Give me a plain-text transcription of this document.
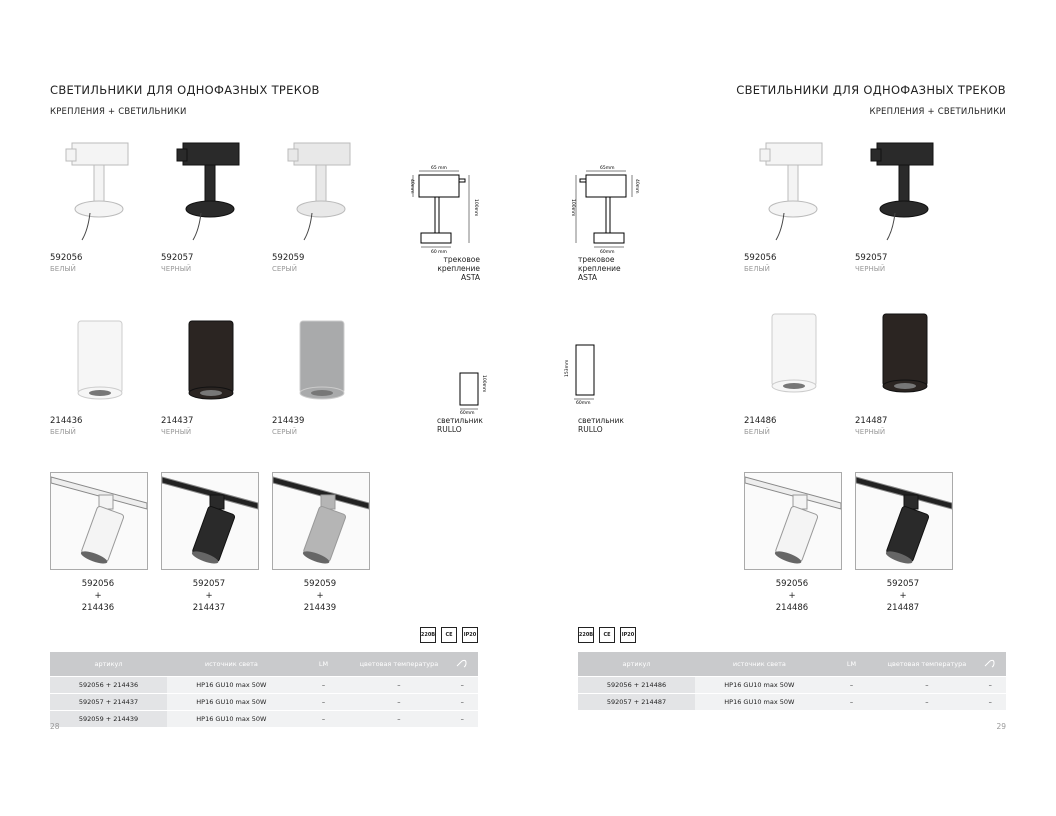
СВЕТИЛЬНИКИ ДЛЯ ОДНОФАЗНЫХ ТРЕКОВ
КРЕПЛЕНИЯ + СВЕТИЛЬНИКИ
592056
БЕЛЫЙ
592057
ЧЕРНЫЙ
592059
СЕРЫЙ
214436
БЕЛЫЙ
214437
ЧЕРНЫЙ
214439
СЕРЫЙ
592056
+
214436
592057
+
214437
592059
+
214439
65 mm
60 mm
40mm
100mm
трековое крепление
ASTA
60mm
100mm
светильник
RULLO
220В	CE	IP20
артикул	источник света	LM	цветовая температура	
592056 + 214436	HP16 GU10 max 50W	–	–	–
592057 + 214437	HP16 GU10 max 50W	–	–	–
592059 + 214439	HP16 GU10 max 50W	–	–	–
28
СВЕТИЛЬНИКИ ДЛЯ ОДНОФАЗНЫХ ТРЕКОВ
КРЕПЛЕНИЯ + СВЕТИЛЬНИКИ
592056
БЕЛЫЙ
592057
ЧЕРНЫЙ
214486
БЕЛЫЙ
214487
ЧЕРНЫЙ
592056
+
214486
592057
+
214487
65mm
60mm
40mm
100mm
трековое крепление
ASTA
60mm
153mm
светильник
RULLO
220В	CE	IP20
артикул	источник света	LM	цветовая температура	
592056 + 214486	HP16 GU10 max 50W	–	–	–
592057 + 214487	HP16 GU10 max 50W	–	–	–
29
